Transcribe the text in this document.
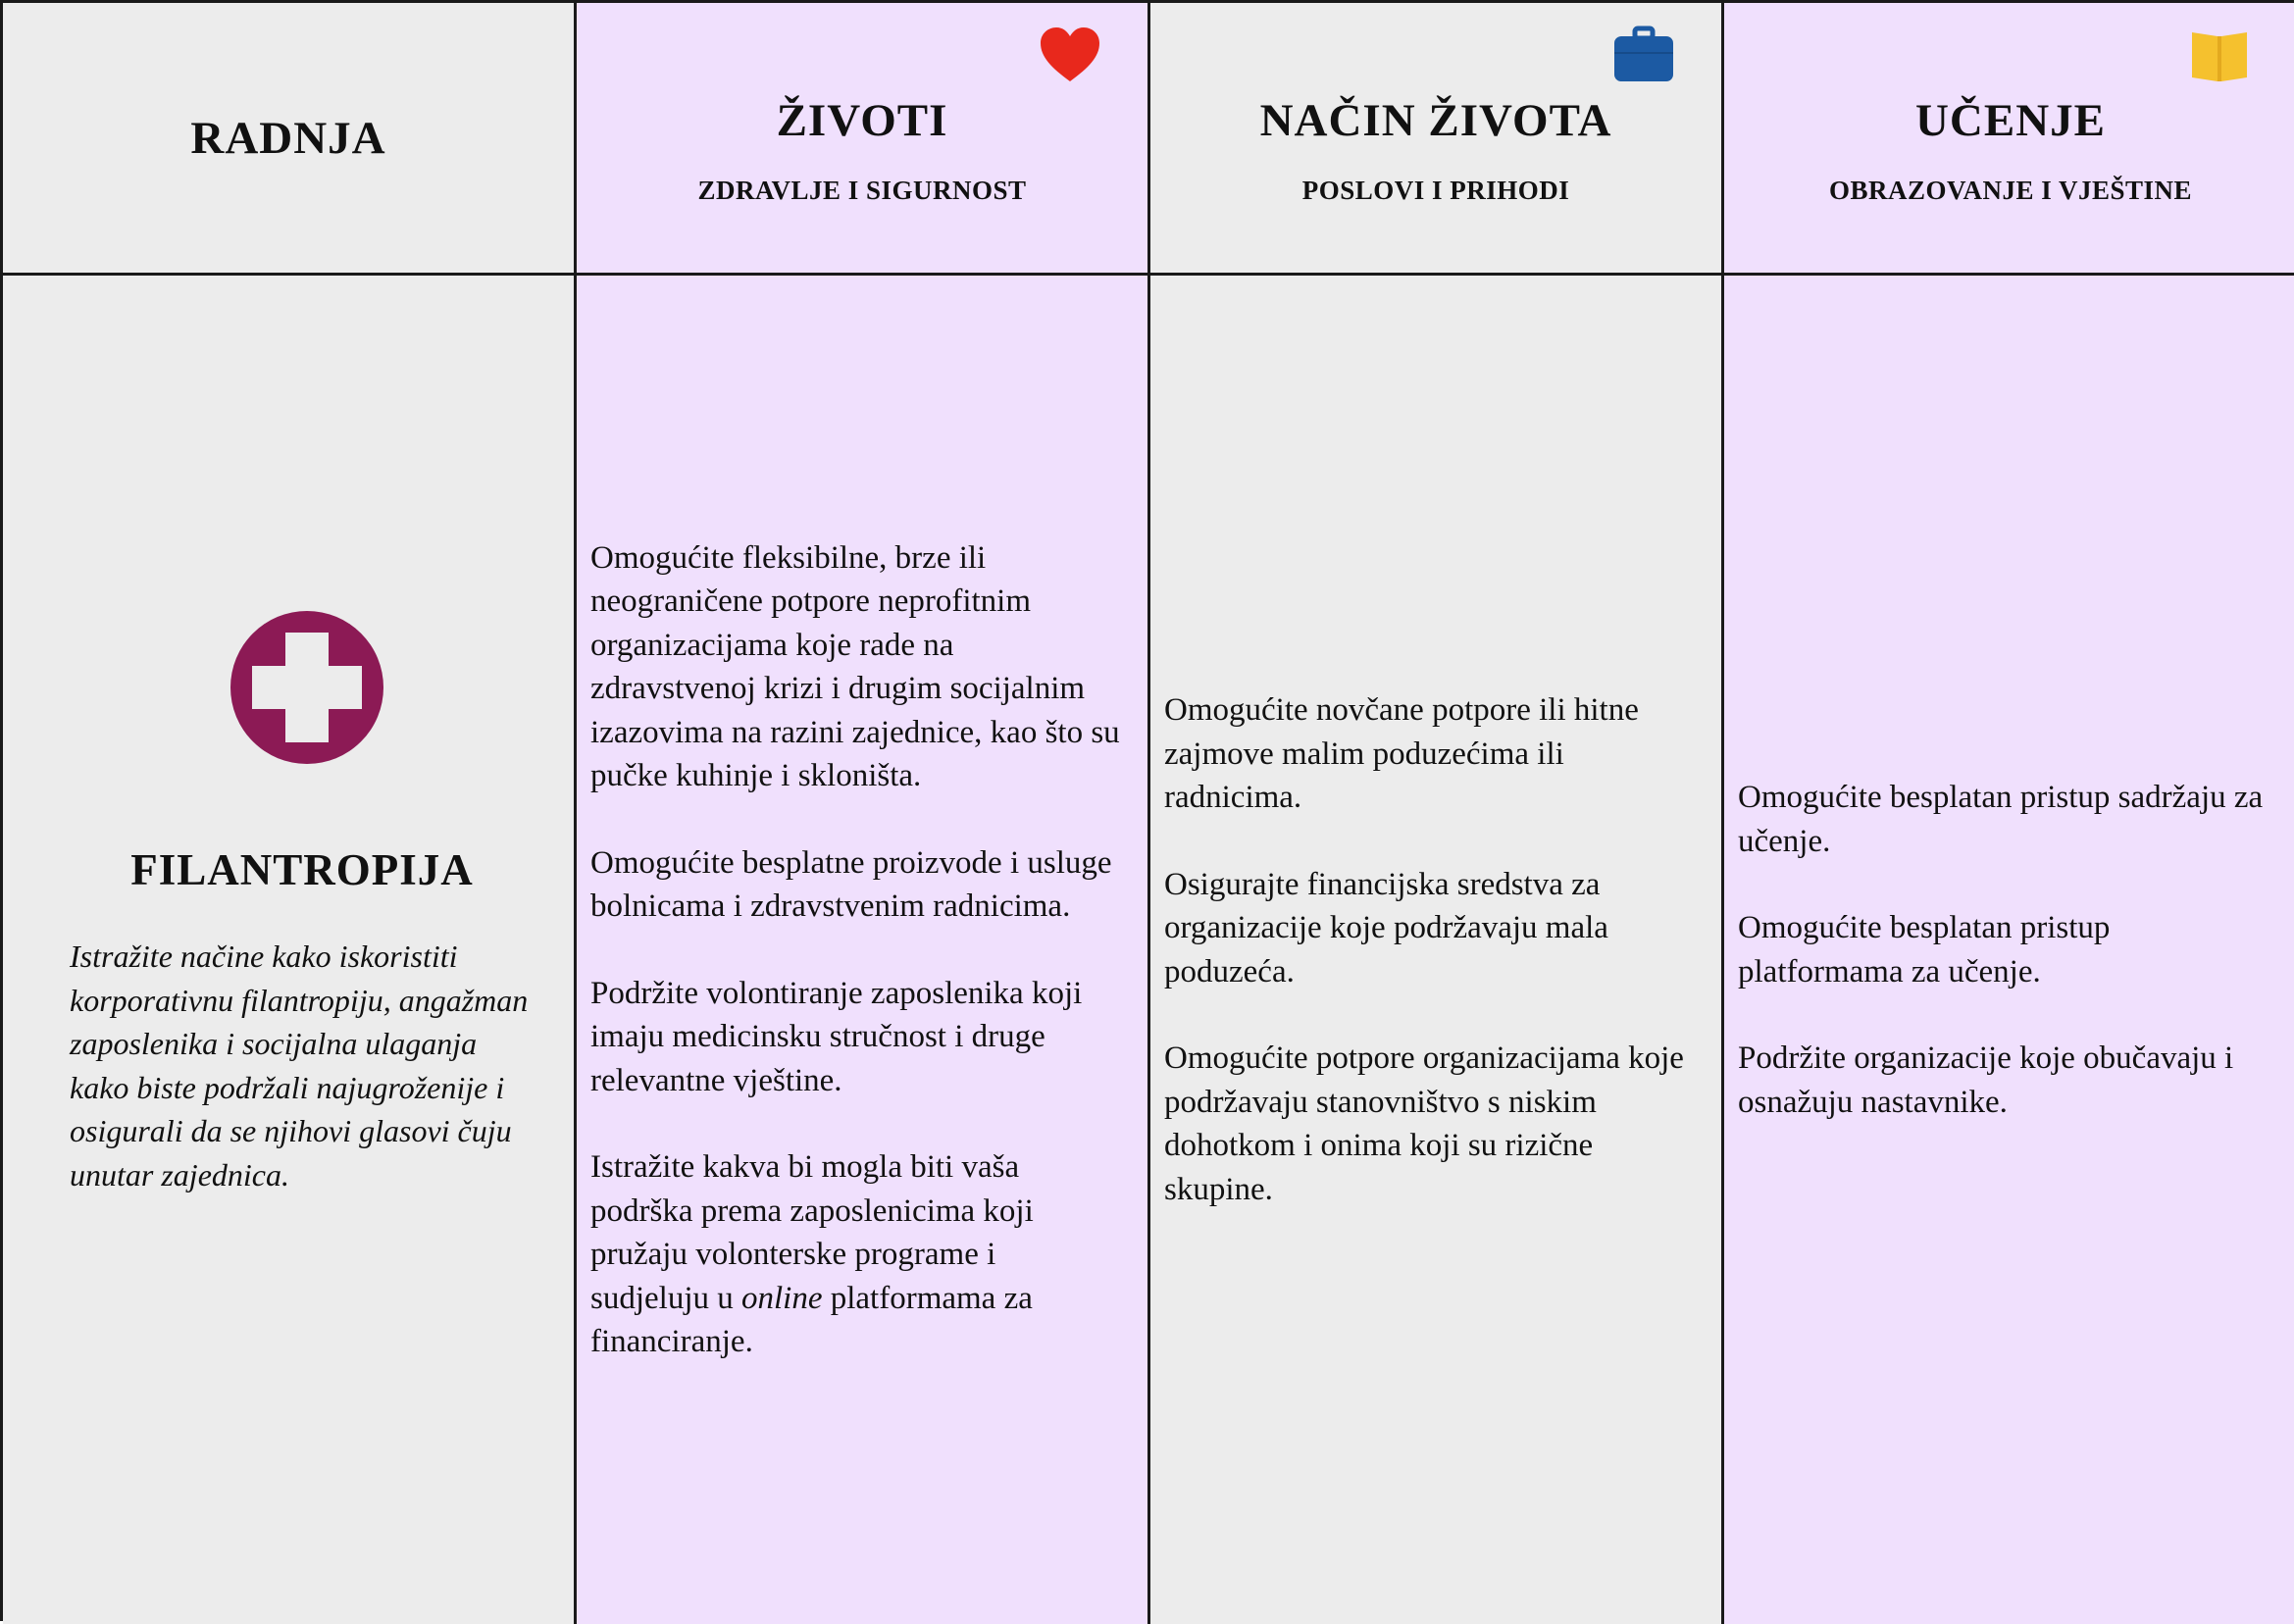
RADNJA	ŽIVOTI
ZDRAVLJE I SIGURNOST
NAČIN ŽIVOTA
POSLOVI I PRIHODI
UČENJE
OBRAZOVANJE I VJEŠTINE
FILANTROPIJA
Istražite načine kako iskoristiti korporativnu filantropiju, angažman zaposlenika i socijalna ulaganja kako biste podržali najugroženije i osigurali da se njihovi glasovi čuju unutar zajednica.

Omogućite fleksibilne, brze ili neograničene potpore neprofitnim organizacijama koje rade na zdravstvenoj krizi i drugim socijalnim izazovima na razini zajednice, kao što su pučke kuhinje i skloništa.

Omogućite besplatne proizvode i usluge bolnicama i zdravstvenim radnicima.

Podržite volontiranje zaposlenika koji imaju medicinsku stručnost i druge relevantne vještine.

Istražite kakva bi mogla biti vaša podrška prema zaposlenicima koji pružaju volonterske programe i sudjeluju u online platformama za financiranje.

Omogućite novčane potpore ili hitne zajmove malim poduzećima ili radnicima.

Osigurajte financijska sredstva za organizacije koje podržavaju mala poduzeća.

Omogućite potpore organizacijama koje podržavaju stanovništvo s niskim dohotkom i onima koji su rizične skupine.

Omogućite besplatan pristup sadržaju za učenje.

Omogućite besplatan pristup platformama za učenje.

Podržite organizacije koje obučavaju i osnažuju nastavnike.
